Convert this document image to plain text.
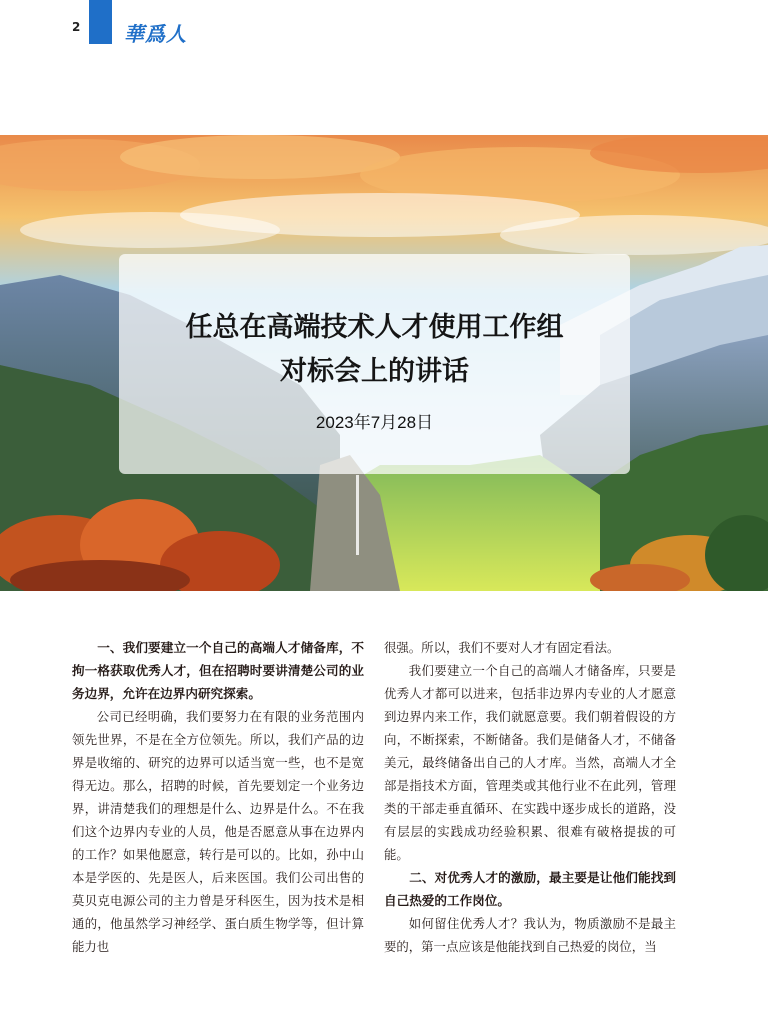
2 華爲人
任总在高端技术人才使用工作组
对标会上的讲话
2023年7月28日

一、我们要建立一个自己的高端人才储备库，不拘一格获取优秀人才，但在招聘时要讲清楚公司的业务边界，允许在边界内研究探索。

公司已经明确，我们要努力在有限的业务范围内领先世界，不是在全方位领先。所以，我们产品的边界是收缩的、研究的边界可以适当宽一些，也不是宽得无边。那么，招聘的时候，首先要划定一个业务边界，讲清楚我们的理想是什么、边界是什么。不在我们这个边界内专业的人员，他是否愿意从事在边界内的工作？如果他愿意，转行是可以的。比如，孙中山本是学医的、先是医人，后来医国。我们公司出售的莫贝克电源公司的主力曾是牙科医生，因为技术是相通的，他虽然学习神经学、蛋白质生物学等，但计算能力也

很强。所以，我们不要对人才有固定看法。

我们要建立一个自己的高端人才储备库，只要是优秀人才都可以进来，包括非边界内专业的人才愿意到边界内来工作，我们就愿意要。我们朝着假设的方向，不断探索，不断储备。我们是储备人才，不储备美元，最终储备出自己的人才库。当然，高端人才全部是指技术方面，管理类或其他行业不在此列，管理类的干部走垂直循环、在实践中逐步成长的道路，没有层层的实践成功经验积累、很难有破格提拔的可能。

二、对优秀人才的激励，最主要是让他们能找到自己热爱的工作岗位。

如何留住优秀人才？我认为，物质激励不是最主要的，第一点应该是他能找到自己热爱的岗位，当
